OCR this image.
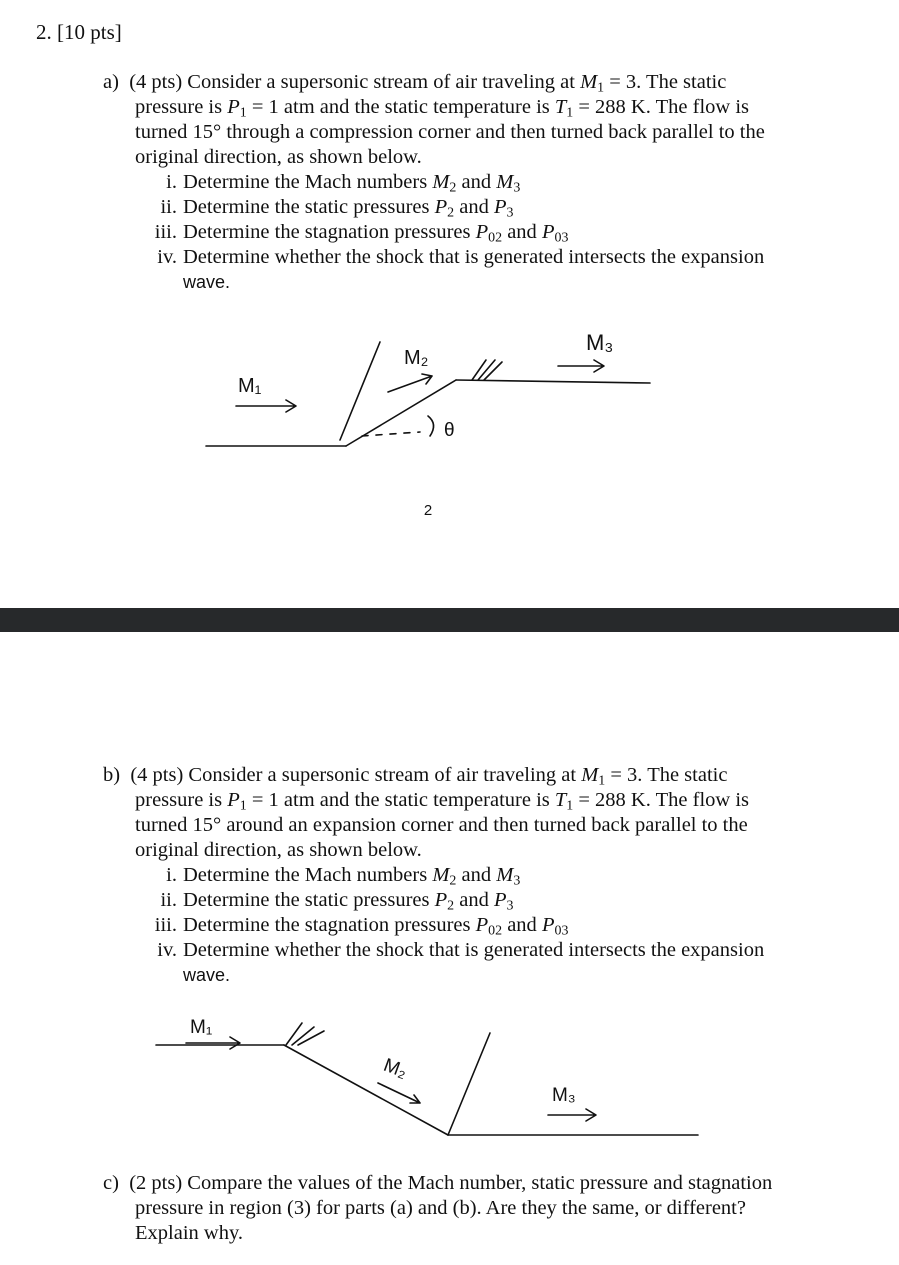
2. [10 pts]
a) (4 pts) Consider a supersonic stream of air traveling at $M_1 = 3$. The static
pressure is $P_1 = 1$ atm and the static temperature is $T_1 = 288$ K. The flow is
turned 15° through a compression corner and then turned back parallel to the
original direction, as shown below.
i. Determine the Mach numbers $M_2$ and $M_3$
ii. Determine the static pressures $P_2$ and $P_3$
iii. Determine the stagnation pressures $P_{02}$ and $P_{03}$
iv. Determine whether the shock that is generated intersects the expansion
wave.
M₁
M₂
M₃
θ
2
b) (4 pts) Consider a supersonic stream of air traveling at $M_1 = 3$. The static
pressure is $P_1 = 1$ atm and the static temperature is $T_1 = 288$ K. The flow is
turned 15° around an expansion corner and then turned back parallel to the
original direction, as shown below.
i. Determine the Mach numbers $M_2$ and $M_3$
ii. Determine the static pressures $P_2$ and $P_3$
iii. Determine the stagnation pressures $P_{02}$ and $P_{03}$
iv. Determine whether the shock that is generated intersects the expansion
wave.
M₁
M₂
M₃
c) (2 pts) Compare the values of the Mach number, static pressure and stagnation
pressure in region (3) for parts (a) and (b). Are they the same, or different?
Explain why.
